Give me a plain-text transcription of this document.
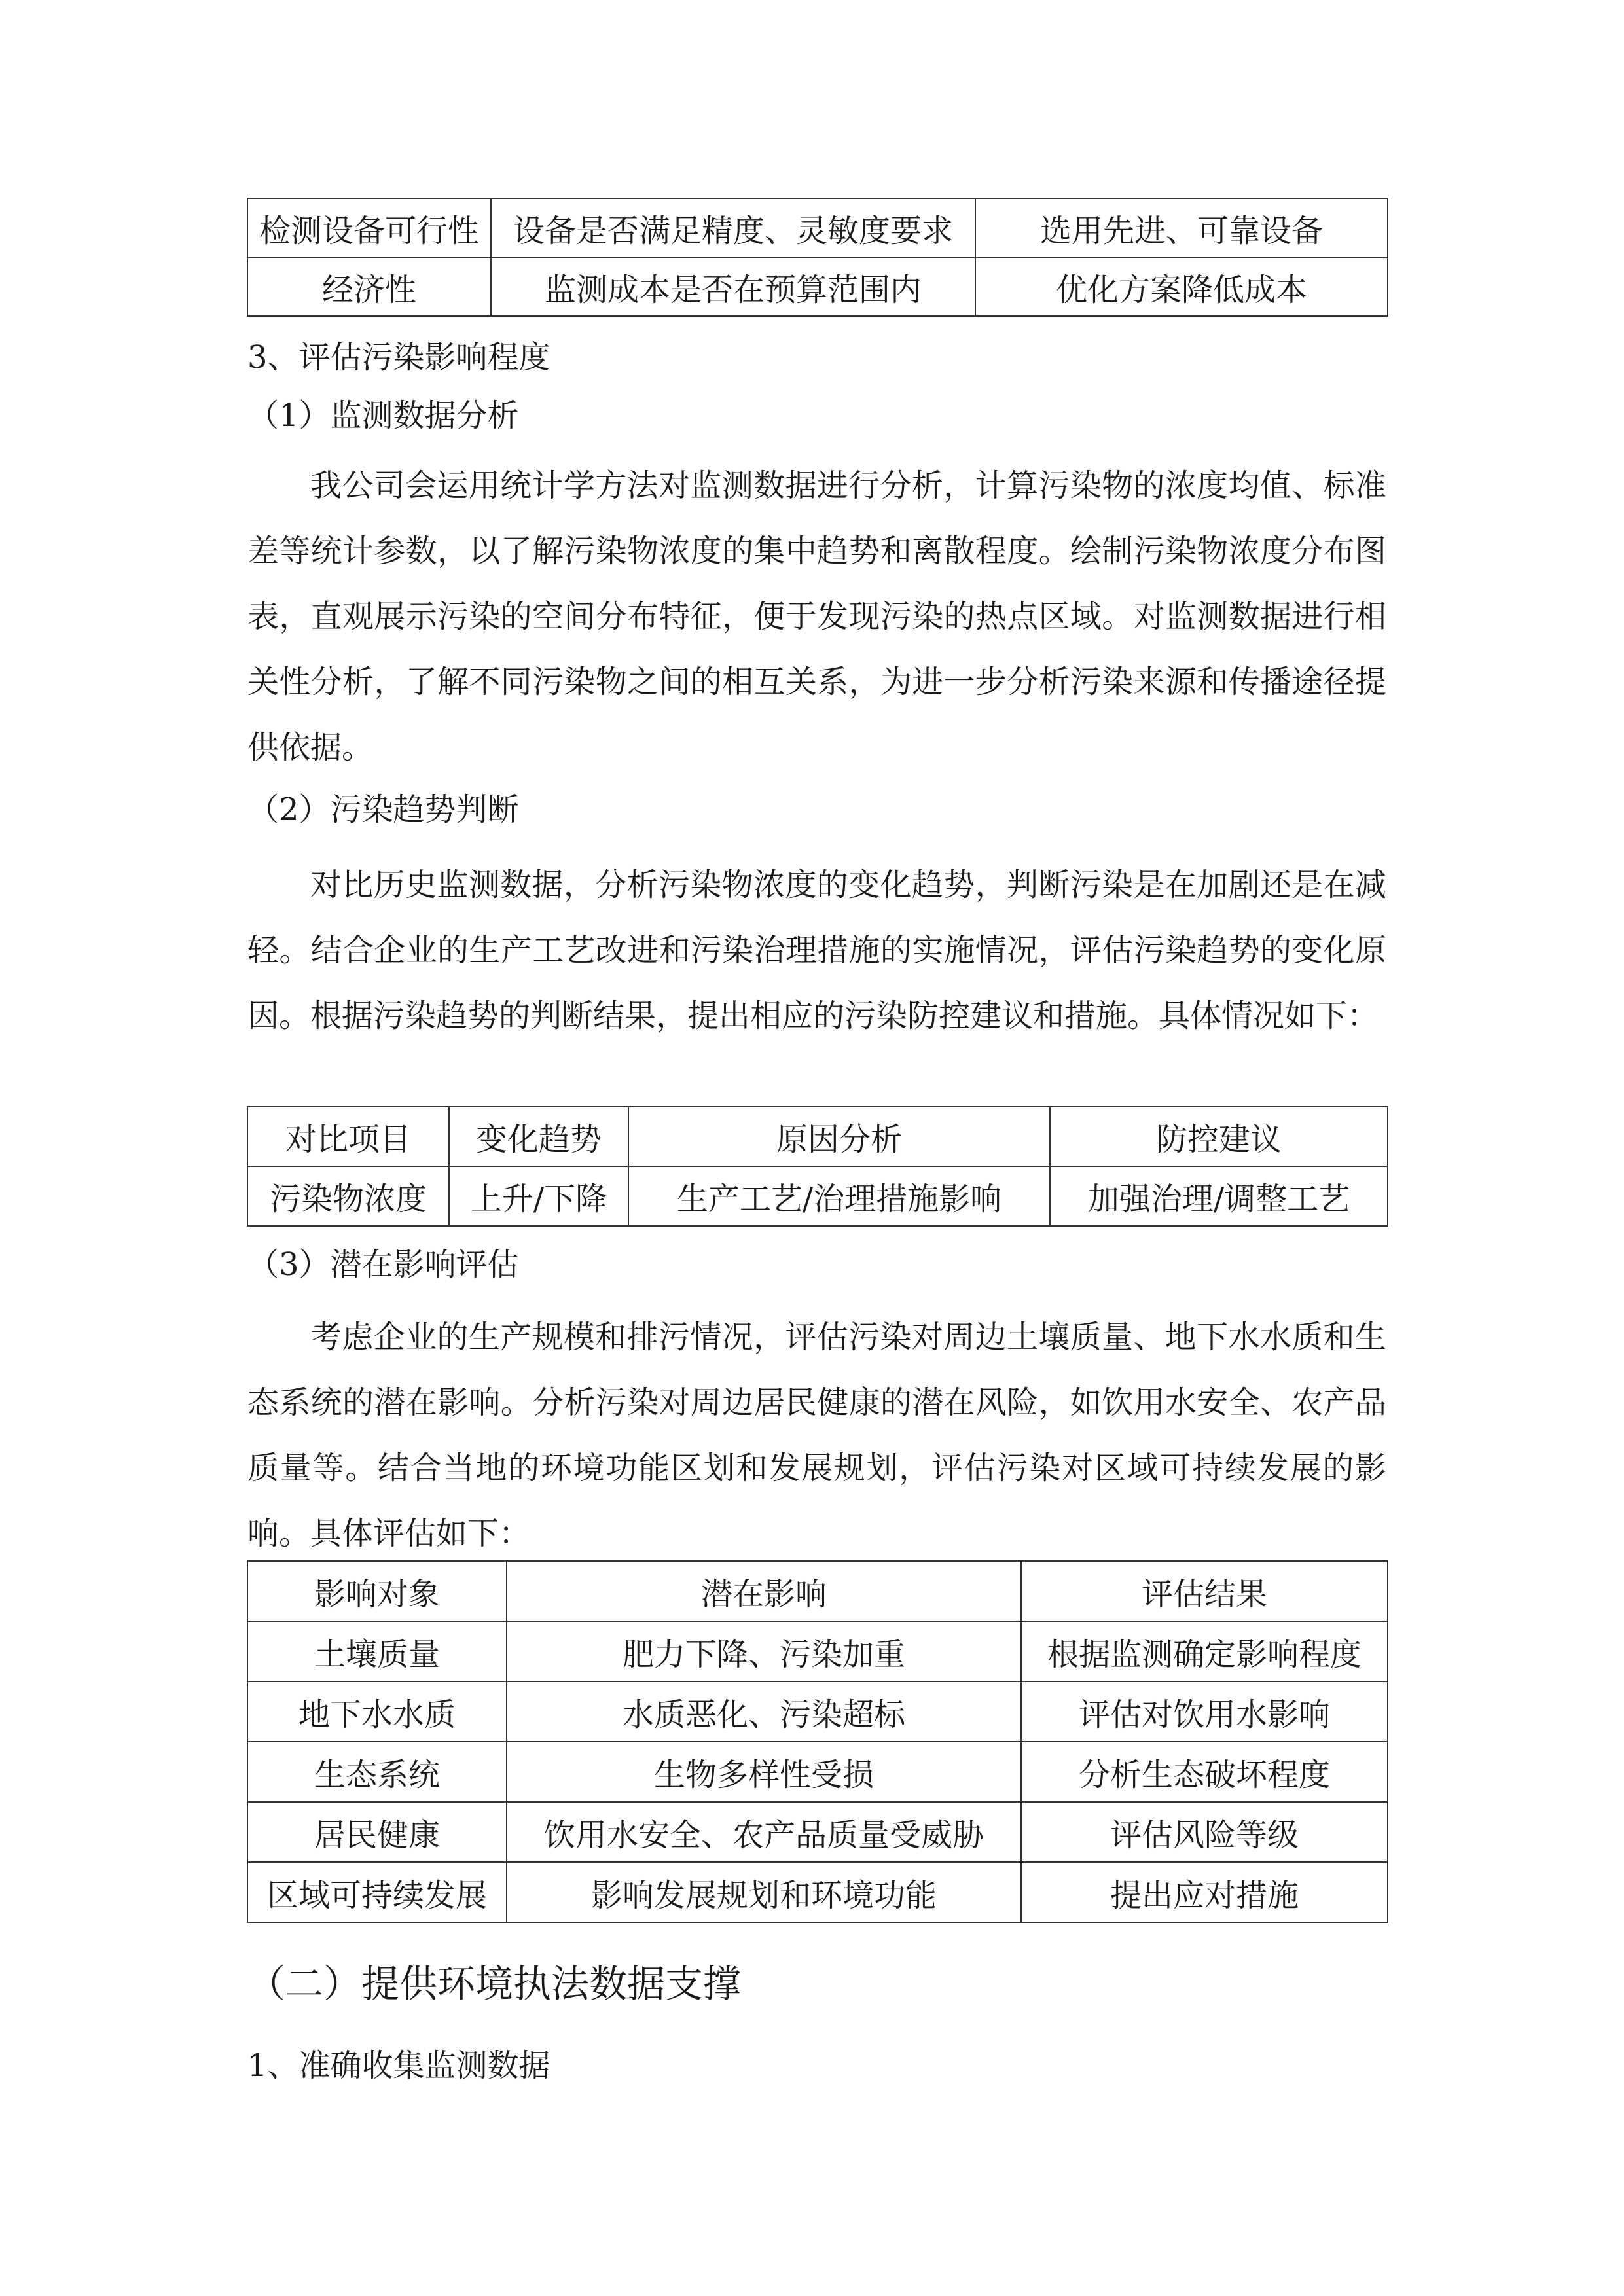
检测设备可行性	设备是否满足精度、灵敏度要求	选用先进、可靠设备
经济性	监测成本是否在预算范围内	优化方案降低成本
3、评估污染影响程度
（1）监测数据分析

我公司会运用统计学方法对监测数据进行分析，计算污染物的浓度均值、标准差等统计参数，以了解污染物浓度的集中趋势和离散程度。绘制污染物浓度分布图表，直观展示污染的空间分布特征，便于发现污染的热点区域。对监测数据进行相关性分析，了解不同污染物之间的相互关系，为进一步分析污染来源和传播途径提供依据。

（2）污染趋势判断

对比历史监测数据，分析污染物浓度的变化趋势，判断污染是在加剧还是在减轻。结合企业的生产工艺改进和污染治理措施的实施情况，评估污染趋势的变化原因。根据污染趋势的判断结果，提出相应的污染防控建议和措施。具体情况如下：

对比项目	变化趋势	原因分析	防控建议
污染物浓度	上升/下降	生产工艺/治理措施影响	加强治理/调整工艺
（3）潜在影响评估

考虑企业的生产规模和排污情况，评估污染对周边土壤质量、地下水水质和生态系统的潜在影响。分析污染对周边居民健康的潜在风险，如饮用水安全、农产品质量等。结合当地的环境功能区划和发展规划，评估污染对区域可持续发展的影响。具体评估如下：

影响对象	潜在影响	评估结果
土壤质量	肥力下降、污染加重	根据监测确定影响程度
地下水水质	水质恶化、污染超标	评估对饮用水影响
生态系统	生物多样性受损	分析生态破坏程度
居民健康	饮用水安全、农产品质量受威胁	评估风险等级
区域可持续发展	影响发展规划和环境功能	提出应对措施
（二）提供环境执法数据支撑
1、准确收集监测数据
